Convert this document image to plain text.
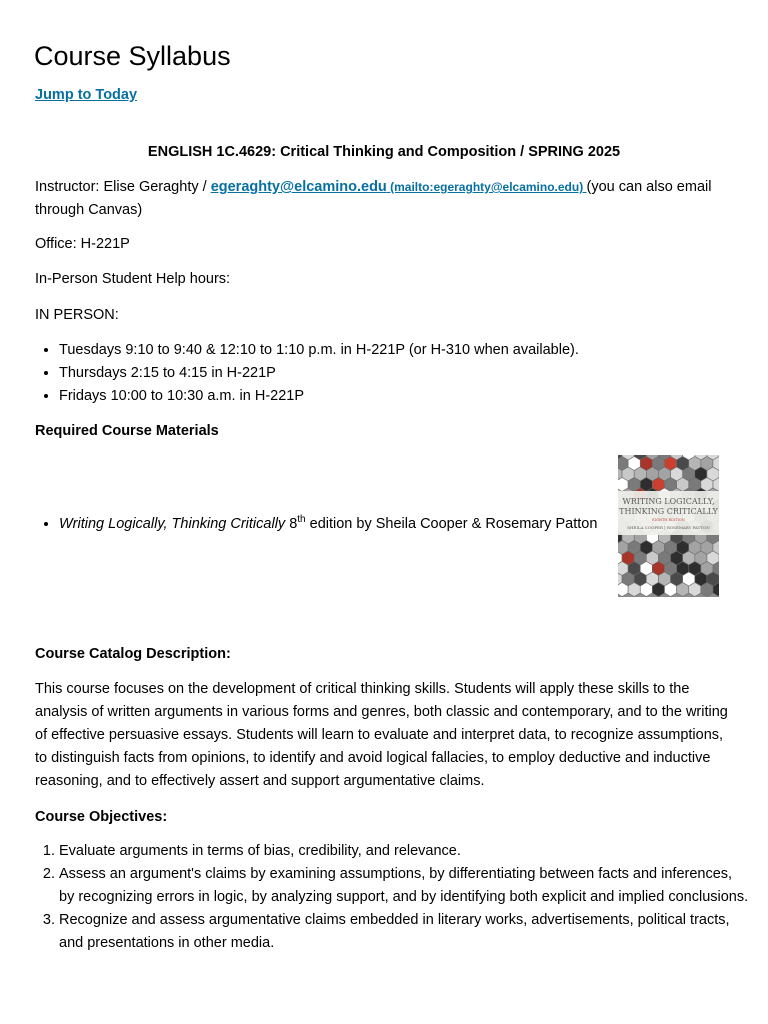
Course Syllabus
Jump to Today

ENGLISH 1C.4629: Critical Thinking and Composition / SPRING 2025

Instructor: Elise Geraghty / egeraghty@elcamino.edu (mailto:egeraghty@elcamino.edu) (you can also email through Canvas)

Office: H-221P

In-Person Student Help hours:

IN PERSON:

• Tuesdays 9:10 to 9:40 & 12:10 to 1:10 p.m. in H-221P (or H-310 when available).
• Thursdays 2:15 to 4:15 in H-221P
• Fridays 10:00 to 10:30 a.m. in H-221P

Required Course Materials

• Writing Logically, Thinking Critically 8th edition by Sheila Cooper & Rosemary Patton
WRITING LOGICALLY,
THINKING CRITICALLY
EIGHTH EDITION
SHEILA COOPER | ROSEMARY PATTON

Course Catalog Description:

This course focuses on the development of critical thinking skills. Students will apply these skills to the analysis of written arguments in various forms and genres, both classic and contemporary, and to the writing of effective persuasive essays. Students will learn to evaluate and interpret data, to recognize assumptions, to distinguish facts from opinions, to identify and avoid logical fallacies, to employ deductive and inductive reasoning, and to effectively assert and support argumentative claims.

Course Objectives:

1. Evaluate arguments in terms of bias, credibility, and relevance.
2. Assess an argument's claims by examining assumptions, by differentiating between facts and inferences, by recognizing errors in logic, by analyzing support, and by identifying both explicit and implied conclusions.
3. Recognize and assess argumentative claims embedded in literary works, advertisements, political tracts, and presentations in other media.
